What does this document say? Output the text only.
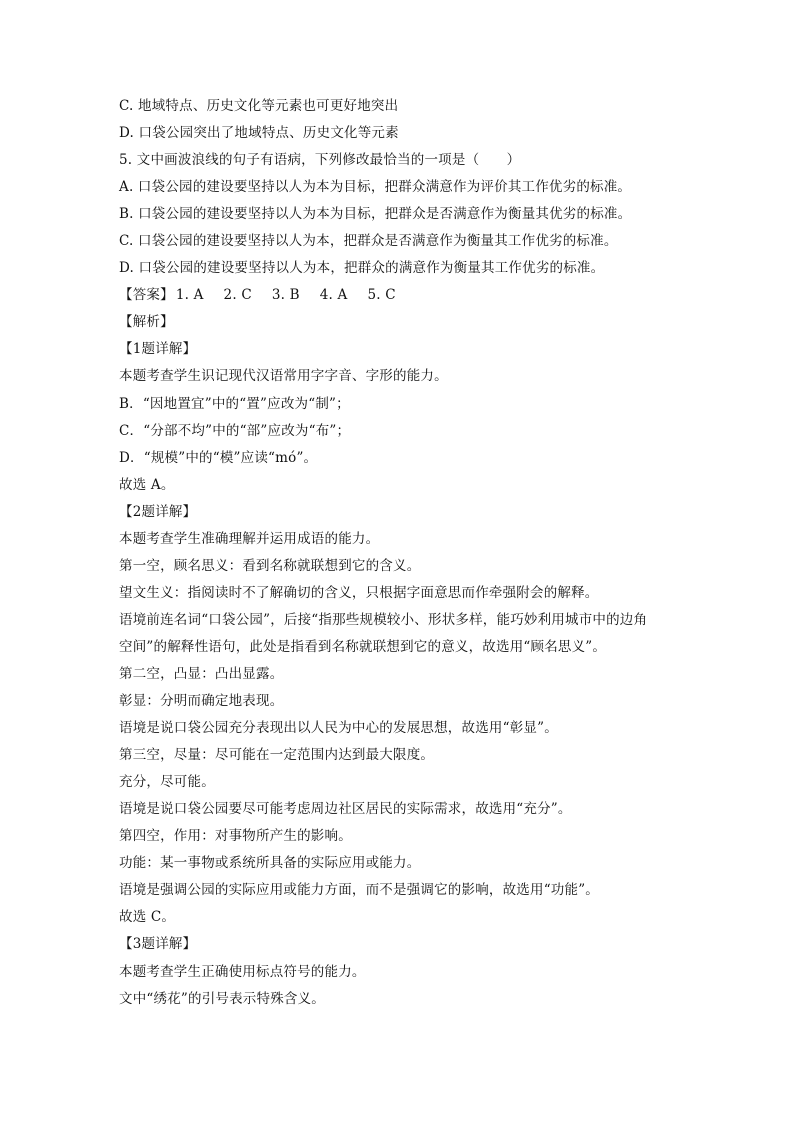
C. 地域特点、历史文化等元素也可更好地突出
D. 口袋公园突出了地域特点、历史文化等元素
5. 文中画波浪线的句子有语病，下列修改最恰当的一项是（　　）
A. 口袋公园的建设要坚持以人为本为目标，把群众满意作为评价其工作优劣的标准。
B. 口袋公园的建设要坚持以人为本为目标，把群众是否满意作为衡量其优劣的标准。
C. 口袋公园的建设要坚持以人为本，把群众是否满意作为衡量其工作优劣的标准。
D. 口袋公园的建设要坚持以人为本，把群众的满意作为衡量其工作优劣的标准。
【答案】 1. A 2. C 3. B 4. A 5. C
【解析】
【1题详解】
本题考查学生识记现代汉语常用字字音、字形的能力。
B．“因地置宜”中的“置”应改为“制”；
C．“分部不均”中的“部”应改为“布”；
D．“规模”中的“模”应读“mó”。
故选 A。
【2题详解】
本题考查学生准确理解并运用成语的能力。
第一空，顾名思义：看到名称就联想到它的含义。
望文生义：指阅读时不了解确切的含义，只根据字面意思而作牵强附会的解释。
语境前连名词“口袋公园”，后接“指那些规模较小、形状多样，能巧妙利用城市中的边角
空间”的解释性语句，此处是指看到名称就联想到它的意义，故选用“顾名思义”。
第二空，凸显：凸出显露。
彰显：分明而确定地表现。
语境是说口袋公园充分表现出以人民为中心的发展思想，故选用“彰显”。
第三空，尽量：尽可能在一定范围内达到最大限度。
充分，尽可能。
语境是说口袋公园要尽可能考虑周边社区居民的实际需求，故选用“充分”。
第四空，作用：对事物所产生的影响。
功能：某一事物或系统所具备的实际应用或能力。
语境是强调公园的实际应用或能力方面，而不是强调它的影响，故选用“功能”。
故选 C。
【3题详解】
本题考查学生正确使用标点符号的能力。
文中“绣花”的引号表示特殊含义。
